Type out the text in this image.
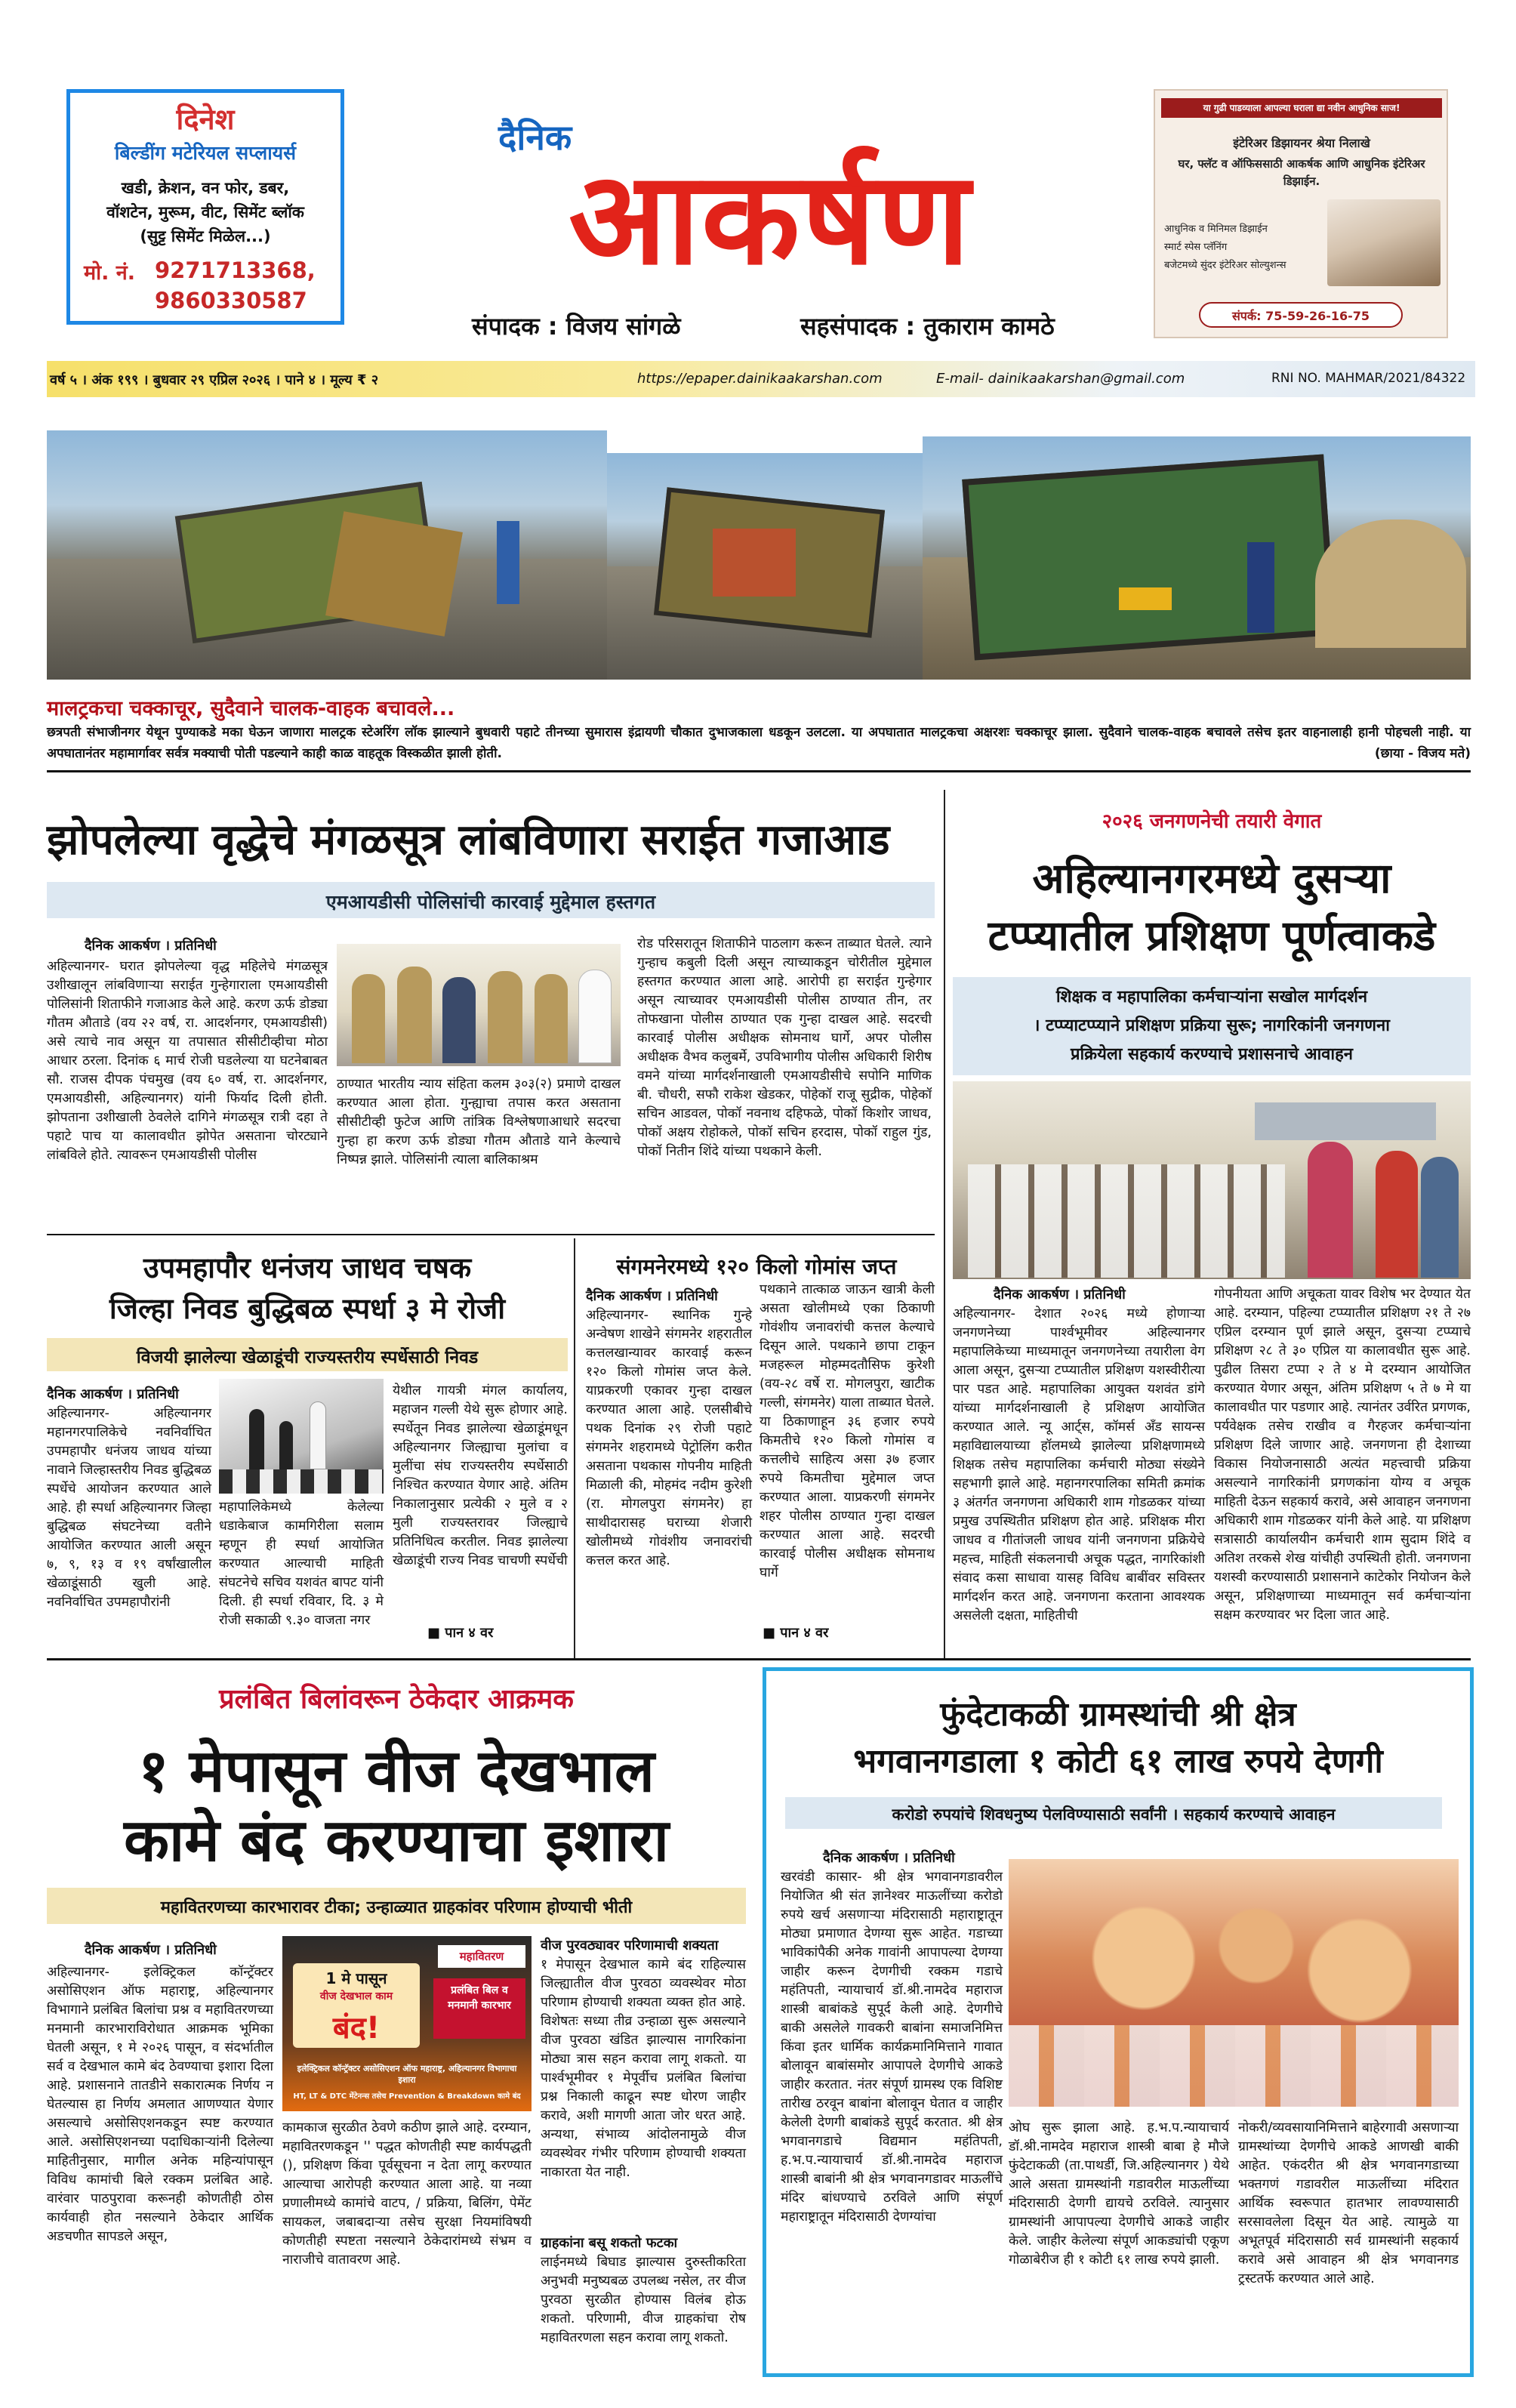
दिनेश
बिल्डींग मटेरियल सप्लायर्स
खडी, क्रेशन, वन फोर, डबर,
वॉशटेन, मुरूम, वीट, सिमेंट ब्लॉक
(सुट्ट सिमेंट मिळेल...)
मो. नं. 9271713368,
9860330587
दैनिक
आकर्षण
संपादक : विजय सांगळे	सहसंपादक : तुकाराम कामठे
या गुढी पाडव्याला आपल्या घराला द्या नवीन आधुनिक साज!
इंटेरिअर डिझायनर श्रेया निलाखे
घर, फ्लॅट व ऑफिससाठी आकर्षक आणि आधुनिक इंटेरिअर डिझाईन.
आधुनिक व मिनिमल डिझाईन
स्मार्ट स्पेस प्लॅनिंग
बजेटमध्ये सुंदर इंटेरिअर सोल्युशन्स
संपर्क: 75-59-26-16-75
वर्ष ५ । अंक १९९ । बुधवार २९ एप्रिल २०२६ । पाने ४ । मूल्य ₹ २	https://epaper.dainikaakarshan.com	E-mail- dainikaakarshan@gmail.com	RNI NO. MAHMAR/2021/84322
मालट्रकचा चक्काचूर, सुदैवाने चालक-वाहक बचावले...
छत्रपती संभाजीनगर येथून पुण्याकडे मका घेऊन जाणारा मालट्रक स्टेअरिंग लॉक झाल्याने बुधवारी पहाटे तीनच्या सुमारास इंद्रायणी चौकात दुभाजकाला धडकून उलटला. या अपघातात मालट्रकचा अक्षरशः चक्काचूर झाला. सुदैवाने चालक-वाहक बचावले तसेच इतर वाहनालाही हानी पोहचली नाही. या अपघातानंतर महामार्गावर सर्वत्र मक्याची पोती पडल्याने काही काळ वाहतूक विस्कळीत झाली होती.	(छाया - विजय मते)
झोपलेल्या वृद्धेचे मंगळसूत्र लांबविणारा सराईत गजाआड
एमआयडीसी पोलिसांची कारवाई मुद्देमाल हस्तगत
दैनिक आकर्षण । प्रतिनिधी
अहिल्यानगर- घरात झोपलेल्या वृद्ध महिलेचे मंगळसूत्र उशीखालून लांबविणाऱ्या सराईत गुन्हेगाराला एमआयडीसी पोलिसांनी शिताफीने गजाआड केले आहे. करण ऊर्फ डोड्या गौतम औताडे (वय २२ वर्ष, रा. आदर्शनगर, एमआयडीसी) असे त्याचे नाव असून या तपासात सीसीटीव्हीचा मोठा आधार ठरला. दिनांक ६ मार्च रोजी घडलेल्या या घटनेबाबत सौ. राजस दीपक पंचमुख (वय ६० वर्ष, रा. आदर्शनगर, एमआयडीसी, अहिल्यानगर) यांनी फिर्याद दिली होती. झोपताना उशीखाली ठेवलेले दागिने मंगळसूत्र रात्री दहा ते पहाटे पाच या कालावधीत झोपेत असताना चोरट्याने लांबविले होते. त्यावरून एमआयडीसी पोलीस
ठाण्यात भारतीय न्याय संहिता कलम ३०३(२) प्रमाणे दाखल करण्यात आला होता. गुन्ह्याचा तपास करत असताना सीसीटीव्ही फुटेज आणि तांत्रिक विश्लेषणाआधारे सदरचा गुन्हा हा करण ऊर्फ डोड्या गौतम औताडे याने केल्याचे निष्पन्न झाले. पोलिसांनी त्याला बालिकाश्रम
रोड परिसरातून शिताफीने पाठलाग करून ताब्यात घेतले. त्याने गुन्हाच कबुली दिली असून त्याच्याकडून चोरीतील मुद्देमाल हस्तगत करण्यात आला आहे. आरोपी हा सराईत गुन्हेगार असून त्याच्यावर एमआयडीसी पोलीस ठाण्यात तीन, तर तोफखाना पोलीस ठाण्यात एक गुन्हा दाखल आहे. सदरची कारवाई पोलीस अधीक्षक सोमनाथ घार्गे, अपर पोलीस अधीक्षक वैभव कलुबर्मे, उपविभागीय पोलीस अधिकारी शिरीष वमने यांच्या मार्गदर्शनाखाली एमआयडीसीचे सपोनि माणिक बी. चौधरी, सफौ राकेश खेडकर, पोहेकॉ राजू सुद्रीक, पोहेकॉ सचिन आडवल, पोकॉ नवनाथ दहिफळे, पोकॉ किशोर जाधव, पोकॉ अक्षय रोहोकले, पोकॉ सचिन हरदास, पोकॉ राहुल गुंड, पोकॉ नितीन शिंदे यांच्या पथकाने केली.
२०२६ जनगणनेची तयारी वेगात
अहिल्यानगरमध्ये दुसऱ्या
टप्प्यातील प्रशिक्षण पूर्णत्वाकडे
शिक्षक व महापालिका कर्मचाऱ्यांना सखोल मार्गदर्शन
। टप्प्याटप्प्याने प्रशिक्षण प्रक्रिया सुरू; नागरिकांनी जनगणना
प्रक्रियेला सहकार्य करण्याचे प्रशासनाचे आवाहन
दैनिक आकर्षण । प्रतिनिधी
अहिल्यानगर- देशात २०२६ मध्ये होणाऱ्या जनगणनेच्या पार्श्वभूमीवर अहिल्यानगर महापालिकेच्या माध्यमातून जनगणनेच्या तयारीला वेग आला असून, दुसऱ्या टप्प्यातील प्रशिक्षण यशस्वीरीत्या पार पडत आहे. महापालिका आयुक्त यशवंत डांगे यांच्या मार्गदर्शनाखाली हे प्रशिक्षण आयोजित करण्यात आले. न्यू आर्ट्स, कॉमर्स अँड सायन्स महाविद्यालयाच्या हॉलमध्ये झालेल्या प्रशिक्षणामध्ये शिक्षक तसेच महापालिका कर्मचारी मोठ्या संख्येने सहभागी झाले आहे. महानगरपालिका समिती क्रमांक ३ अंतर्गत जनगणना अधिकारी शाम गोडळकर यांच्या प्रमुख उपस्थितीत प्रशिक्षण होत आहे. प्रशिक्षक मीरा जाधव व गीतांजली जाधव यांनी जनगणना प्रक्रियेचे महत्त्व, माहिती संकलनाची अचूक पद्धत, नागरिकांशी संवाद कसा साधावा यासह विविध बाबींवर सविस्तर मार्गदर्शन करत आहे. जनगणना करताना आवश्यक असलेली दक्षता, माहितीची
गोपनीयता आणि अचूकता यावर विशेष भर देण्यात येत आहे. दरम्यान, पहिल्या टप्प्यातील प्रशिक्षण २१ ते २७ एप्रिल दरम्यान पूर्ण झाले असून, दुसऱ्या टप्प्याचे प्रशिक्षण २८ ते ३० एप्रिल या कालावधीत सुरू आहे. पुढील तिसरा टप्पा २ ते ४ मे दरम्यान आयोजित करण्यात येणार असून, अंतिम प्रशिक्षण ५ ते ७ मे या कालावधीत पार पडणार आहे. त्यानंतर उर्वरित प्रगणक, पर्यवेक्षक तसेच राखीव व गैरहजर कर्मचाऱ्यांना प्रशिक्षण दिले जाणार आहे. जनगणना ही देशाच्या विकास नियोजनासाठी अत्यंत महत्त्वाची प्रक्रिया असल्याने नागरिकांनी प्रगणकांना योग्य व अचूक माहिती देऊन सहकार्य करावे, असे आवाहन जनगणना अधिकारी शाम गोडळकर यांनी केले आहे. या प्रशिक्षण सत्रासाठी कार्यालयीन कर्मचारी शाम सुदाम शिंदे व अतिश तरकसे शेख यांचीही उपस्थिती होती. जनगणना यशस्वी करण्यासाठी प्रशासनाने काटेकोर नियोजन केले असून, प्रशिक्षणाच्या माध्यमातून सर्व कर्मचाऱ्यांना सक्षम करण्यावर भर दिला जात आहे.
उपमहापौर धनंजय जाधव चषक
जिल्हा निवड बुद्धिबळ स्पर्धा ३ मे रोजी
विजयी झालेल्या खेळाडूंची राज्यस्तरीय स्पर्धेसाठी निवड
दैनिक आकर्षण । प्रतिनिधी
अहिल्यानगर- अहिल्यानगर महानगरपालिकेचे नवनिर्वाचित उपमहापौर धनंजय जाधव यांच्या नावाने जिल्हास्तरीय निवड बुद्धिबळ स्पर्धेचे आयोजन करण्यात आले आहे. ही स्पर्धा अहिल्यानगर जिल्हा बुद्धिबळ संघटनेच्या वतीने आयोजित करण्यात आली असून ७, ९, १३ व १९ वर्षांखालील खेळाडूंसाठी खुली आहे. नवनिर्वाचित उपमहापौरांनी
महापालिकेमध्ये केलेल्या धडाकेबाज कामगिरीला सलाम म्हणून ही स्पर्धा आयोजित करण्यात आल्याची माहिती संघटनेचे सचिव यशवंत बापट यांनी दिली. ही स्पर्धा रविवार, दि. ३ मे रोजी सकाळी ९.३० वाजता नगर
येथील गायत्री मंगल कार्यालय, महाजन गल्ली येथे सुरू होणार आहे. स्पर्धेतून निवड झालेल्या खेळाडूंमधून अहिल्यानगर जिल्ह्याचा मुलांचा व मुलींचा संघ राज्यस्तरीय स्पर्धेसाठी निश्चित करण्यात येणार आहे. अंतिम निकालानुसार प्रत्येकी २ मुले व २ मुली राज्यस्तरावर जिल्ह्याचे प्रतिनिधित्व करतील. निवड झालेल्या खेळाडूंची राज्य निवड चाचणी स्पर्धेची
■ पान ४ वर
संगमनेरमध्ये १२० किलो गोमांस जप्त
दैनिक आकर्षण । प्रतिनिधी
अहिल्यानगर- स्थानिक गुन्हे अन्वेषण शाखेने संगमनेर शहरातील कत्तलखान्यावर कारवाई करून १२० किलो गोमांस जप्त केले. याप्रकरणी एकावर गुन्हा दाखल करण्यात आला आहे. एलसीबीचे पथक दिनांक २९ रोजी पहाटे संगमनेर शहरामध्ये पेट्रोलिंग करीत असताना पथकास गोपनीय माहिती मिळाली की, मोहमंद नदीम कुरेशी (रा. मोगलपुरा संगमनेर) हा साथीदारासह घराच्या शेजारी खोलीमध्ये गोवंशीय जनावरांची कत्तल करत आहे.
पथकाने तात्काळ जाऊन खात्री केली असता खोलीमध्ये एका ठिकाणी गोवंशीय जनावरांची कत्तल केल्याचे दिसून आले. पथकाने छापा टाकून मजहरूल मोहम्मदतौसिफ कुरेशी (वय-२८ वर्षे रा. मोगलपुरा, खाटीक गल्ली, संगमनेर) याला ताब्यात घेतले. या ठिकाणाहून ३६ हजार रुपये किमतीचे १२० किलो गोमांस व कत्तलीचे साहित्य असा ३७ हजार रुपये किमतीचा मुद्देमाल जप्त करण्यात आला. याप्रकरणी संगमनेर शहर पोलीस ठाण्यात गुन्हा दाखल करण्यात आला आहे. सदरची कारवाई पोलीस अधीक्षक सोमनाथ घार्गे
■ पान ४ वर
प्रलंबित बिलांवरून ठेकेदार आक्रमक
१ मेपासून वीज देखभाल
कामे बंद करण्याचा इशारा
महावितरणच्या कारभारावर टीका; उन्हाळ्यात ग्राहकांवर परिणाम होण्याची भीती
दैनिक आकर्षण । प्रतिनिधी
अहिल्यानगर- इलेक्ट्रिकल कॉन्ट्रॅक्टर असोसिएशन ऑफ महाराष्ट्र, अहिल्यानगर विभागाने प्रलंबित बिलांचा प्रश्न व महावितरणच्या मनमानी कारभाराविरोधात आक्रमक भूमिका घेतली असून, १ मे २०२६ पासून, व संदर्भातील सर्व व देखभाल कामे बंद ठेवण्याचा इशारा दिला आहे. प्रशासनाने तातडीने सकारात्मक निर्णय न घेतल्यास हा निर्णय अमलात आणण्यात येणार असल्याचे असोसिएशनकडून स्पष्ट करण्यात आले. असोसिएशनच्या पदाधिकाऱ्यांनी दिलेल्या माहितीनुसार, मागील अनेक महिन्यांपासून विविध कामांची बिले रक्कम प्रलंबित आहे. वारंवार पाठपुरावा करूनही कोणतीही ठोस कार्यवाही होत नसल्याने ठेकेदार आर्थिक अडचणीत सापडले असून,
1 मे पासून
वीज देखभाल काम
बंद!
महावितरण
प्रलंबित बिल व मनमानी कारभार
इलेक्ट्रिकल कॉन्ट्रॅक्टर असोसिएशन ऑफ महाराष्ट्र, अहिल्यानगर विभागाचा इशारा
HT, LT & DTC मेंटेनन्स तसेच Prevention & Breakdown कामे बंद
कामकाज सुरळीत ठेवणे कठीण झाले आहे. दरम्यान, महावितरणकडून '' पद्धत कोणतीही स्पष्ट कार्यपद्धती (), प्रशिक्षण किंवा पूर्वसूचना न देता लागू करण्यात आल्याचा आरोपही करण्यात आला आहे. या नव्या प्रणालीमध्ये कामांचे वाटप, / प्रक्रिया, बिलिंग, पेमेंट सायकल, जबाबदाऱ्या तसेच सुरक्षा नियमांविषयी कोणतीही स्पष्टता नसल्याने ठेकेदारांमध्ये संभ्रम व नाराजीचे वातावरण आहे.
वीज पुरवठ्यावर परिणामाची शक्यता
१ मेपासून देखभाल कामे बंद राहिल्यास जिल्ह्यातील वीज पुरवठा व्यवस्थेवर मोठा परिणाम होण्याची शक्यता व्यक्त होत आहे. विशेषतः सध्या तीव्र उन्हाळा सुरू असल्याने वीज पुरवठा खंडित झाल्यास नागरिकांना मोठ्या त्रास सहन करावा लागू शकतो. या पार्श्वभूमीवर १ मेपूर्वीच प्रलंबित बिलांचा प्रश्न निकाली काढून स्पष्ट धोरण जाहीर करावे, अशी मागणी आता जोर धरत आहे. अन्यथा, संभाव्य आंदोलनामुळे वीज व्यवस्थेवर गंभीर परिणाम होण्याची शक्यता नाकारता येत नाही.
ग्राहकांना बसू शकतो फटका
लाईनमध्ये बिघाड झाल्यास दुरुस्तीकरिता अनुभवी मनुष्यबळ उपलब्ध नसेल, तर वीज पुरवठा सुरळीत होण्यास विलंब होऊ शकतो. परिणामी, वीज ग्राहकांचा रोष महावितरणला सहन करावा लागू शकतो.
फुंदेटाकळी ग्रामस्थांची श्री क्षेत्र
भगवानगडाला १ कोटी ६१ लाख रुपये देणगी
करोडो रुपयांचे शिवधनुष्य पेलविण्यासाठी सर्वांनी । सहकार्य करण्याचे आवाहन
दैनिक आकर्षण । प्रतिनिधी
खरवंडी कासार- श्री क्षेत्र भगवानगडावरील नियोजित श्री संत ज्ञानेश्वर माऊलींच्या करोडो रुपये खर्च असणाऱ्या मंदिरासाठी महाराष्ट्रातून मोठ्या प्रमाणात देणग्या सुरू आहेत. गडाच्या भाविकांपैकी अनेक गावांनी आपापल्या देणग्या जाहीर करून देणगीची रक्कम गडाचे महंतिपती, न्यायाचार्य डॉ.श्री.नामदेव महाराज शास्त्री बाबांकडे सुपूर्द केली आहे. देणगीचे बाकी असलेले गावकरी बाबांना समाजनिमित्त किंवा इतर धार्मिक कार्यक्रमानिमित्ताने गावात बोलावून बाबांसमोर आपापले देणगीचे आकडे जाहीर करतात. नंतर संपूर्ण ग्रामस्थ एक विशिष्ट तारीख ठरवून बाबांना बोलावून घेतात व जाहीर केलेली देणगी बाबांकडे सुपूर्द करतात. श्री क्षेत्र भगवानगडाचे विद्यमान महंतिपती, ह.भ.प.न्यायाचार्य डॉ.श्री.नामदेव महाराज शास्त्री बाबांनी श्री क्षेत्र भगवानगडावर माऊलींचे मंदिर बांधण्याचे ठरविले आणि संपूर्ण महाराष्ट्रातून मंदिरासाठी देणग्यांचा
ओघ सुरू झाला आहे. ह.भ.प.न्यायाचार्य डॉ.श्री.नामदेव महाराज शास्त्री बाबा हे मौजे फुंदेटाकळी (ता.पाथर्डी, जि.अहिल्यानगर ) येथे आले असता ग्रामस्थांनी गडावरील माऊलींच्या मंदिरासाठी देणगी द्यायचे ठरविले. त्यानुसार ग्रामस्थांनी आपापल्या देणगीचे आकडे जाहीर केले. जाहीर केलेल्या संपूर्ण आकड्यांची एकूण गोळाबेरीज ही १ कोटी ६१ लाख रुपये झाली.
नोकरी/व्यवसायानिमित्ताने बाहेरगावी असणाऱ्या ग्रामस्थांच्या देणगीचे आकडे आणखी बाकी आहेत. एकंदरीत श्री क्षेत्र भगवानगडाच्या भक्तगणं गडावरील माऊलींच्या मंदिरात आर्थिक स्वरूपात हातभार लावण्यासाठी सरसावलेला दिसून येत आहे. त्यामुळे या अभूतपूर्व मंदिरासाठी सर्व ग्रामस्थांनी सहकार्य करावे असे आवाहन श्री क्षेत्र भगवानगड ट्रस्टतर्फे करण्यात आले आहे.
